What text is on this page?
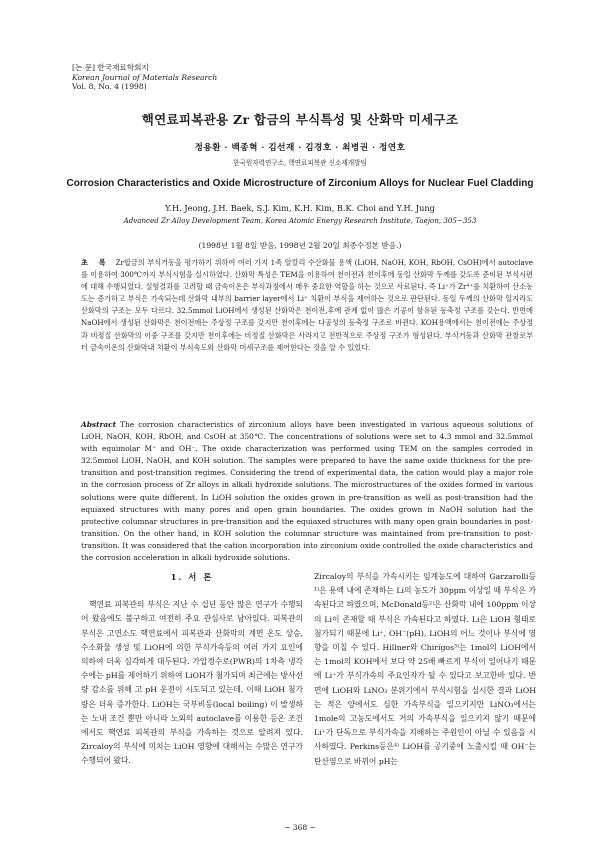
[논 문] 한국재료학회지
Korean Journal of Materials Research
Vol. 8, No. 4 (1998)
핵연료피복관용 Zr 합금의 부식특성 및 산화막 미세구조
정용환 · 백종혁 · 김선재 · 김경호 · 최병권 · 정연호
한국원자력연구소, 핵연료피복관 신소재개발팀
Corrosion Characteristics and Oxide Microstructure of Zirconium Alloys for Nuclear Fuel Cladding
Y.H. Jeong, J.H. Baek, S.J. Kim, K.H. Kim, B.K. Choi and Y.H. Jung
Advanced Zr Alloy Development Team, Korea Atomic Energy Research Institute, Taejon, 305−353
(1998년 1월 8일 받음, 1998년 2월 20일 최종수정본 받음.)
초 록 Zr합금의 부식거동을 평가하기 위하여 여러 가지 1족 알칼리 수산화물 용액 (LiOH, NaOH, KOH, RbOH, CsOH)에서 autoclave를 이용하여 300℃까지 부식시험을 실시하였다. 산화막 특성은 TEM을 이용하여 천이전과 천이후에 동일 산화막 두께를 갖도록 준비된 부식시편에 대해 수행되었다. 실험결과를 고려할 때 금속이온은 부식과정에서 매우 중요한 역할을 하는 것으로 사료된다. 즉 Li⁺가 Zr⁴⁺를 치환하여 산소농도는 증가하고 부식은 가속되는데 산화막 내부의 barrier layer에서 Li⁺ 치환이 부식을 제어하는 것으로 판단된다. 동일 두께의 산화막 일지라도 산화막의 구조는 모두 다르다. 32.5mmol LiOH에서 생성된 산화막은 천이전,후에 관계 없이 많은 기공이 함유된 등축정 구조를 갖는다. 반면에 NaOH에서 생성된 산화막은 천이전에는 주상정 구조를 갖지만 천이후에는 다공성의 등축정 구조로 바뀐다. KOH용액에서는 천이전에는 주상정과 비정질 산화막의 이중 구조를 갖지만 천이후에는 비정질 산화막은 사라지고 전반적으로 주상정 구조가 형성된다. 부식거동과 산화막 관찰로부터 금속이온의 산화막내 치환이 부식속도와 산화막 미세구조를 제어한다는 것을 알 수 있었다.
Abstract The corrosion characteristics of zirconium alloys have been investigated in various aqueous solutions of LiOH, NaOH, KOH, RbOH, and CsOH at 350℃. The concentrations of solutions were set to 4.3 mmol and 32.5mmol with equimolar M⁺ and OH⁻. The oxide characterization was performed using TEM on the samples corroded in 32.5mmol LiOH, NaOH, and KOH solution. The samples were prepared to have the same oxide thickness for the pre-transition and post-transition regimes. Considering the trend of experimental data, the cation would play a major role in the corrosion process of Zr alloys in alkali hydroxide solutions. The microstructures of the oxides formed in various solutions were quite different. In LiOH solution the oxides grown in pre-transition as well as post-transition had the equiaxed structures with many pores and open grain boundaries. The oxides grown in NaOH solution had the protective columnar structures in pre-transition and the equiaxed structures with many open grain boundaries in post-transition. On the other hand, in KOH solution the columnar structure was maintained from pre-transition to post-transition. It was considered that the cation incorporation into zirconium oxide controlled the oxide characteristics and the corrosion acceleration in alkali hydroxide solutions.
1. 서 론

핵연료 피복관의 부식은 지난 수 십년 동안 많은 연구가 수행되어 왔음에도 불구하고 여전히 주요 관심사로 남아있다. 피복관의 부식은 고연소도 핵연료에서 피복관과 산화막의 계면 온도 상승, 수소화물 생성 및 LiOH에 의한 부식가속등의 여러 가지 요인에 의하여 더욱 심각하게 대두된다. 가압경수로(PWR)의 1차측 냉각수에는 pH를 제어하기 위하여 LiOH가 첨가되며 최근에는 방사선량 감소를 위해 고 pH 운전이 시도되고 있는데, 이때 LiOH 첨가량은 더욱 증가한다. LiOH는 국부비등(local boiling) 이 발생하는 노내 조건 뿐만 아니라 노외의 autoclave를 이용한 등온 조건에서도 핵연료 피복관의 부식을 가속하는 것으로 알려져 있다. Zircaloy의 부식에 미치는 LiOH 영향에 대해서는 수많은 연구가 수행되어 왔다.

Zircaloy의 부식을 가속시키는 임계농도에 대하여 Garzarolli등¹⁾은 용액 내에 존재하는 Li의 농도가 30ppm 이상일 때 부식은 가속된다고 하였으며, McDonald등²⁾은 산화막 내에 100ppm 이상의 Li이 존재할 때 부식은 가속된다고 하였다. Li은 LiOH 형태로 첨가되기 때문에 Li⁺, OH⁻(pH), LiOH의 어느 것이나 부식에 영향을 미칠 수 있다. Hillner와 Chirigos³⁾는 1mol의 LiOH에서는 1mol의 KOH에서 보다 약 25배 빠르게 부식이 일어나기 때문에 Li⁺가 부식가속의 주요인자가 될 수 있다고 보고한바 있다. 반면에 LiOH와 LiNO₃ 분위기에서 부식시험을 실시한 결과 LiOH는 적은 양에서도 심한 가속부식을 일으키지만 LiNO₃에서는 1mole의 고농도에서도 거의 가속부식을 일으키지 않기 때문에 Li⁺가 단독으로 부식가속을 지배하는 주원인이 아닐 수 있음을 시사하였다. Perkins등은⁴⁾ LiOH를 공기중에 노출시킬 때 OH⁻는 탄산염으로 바뀌어 pH는

− 368 −
